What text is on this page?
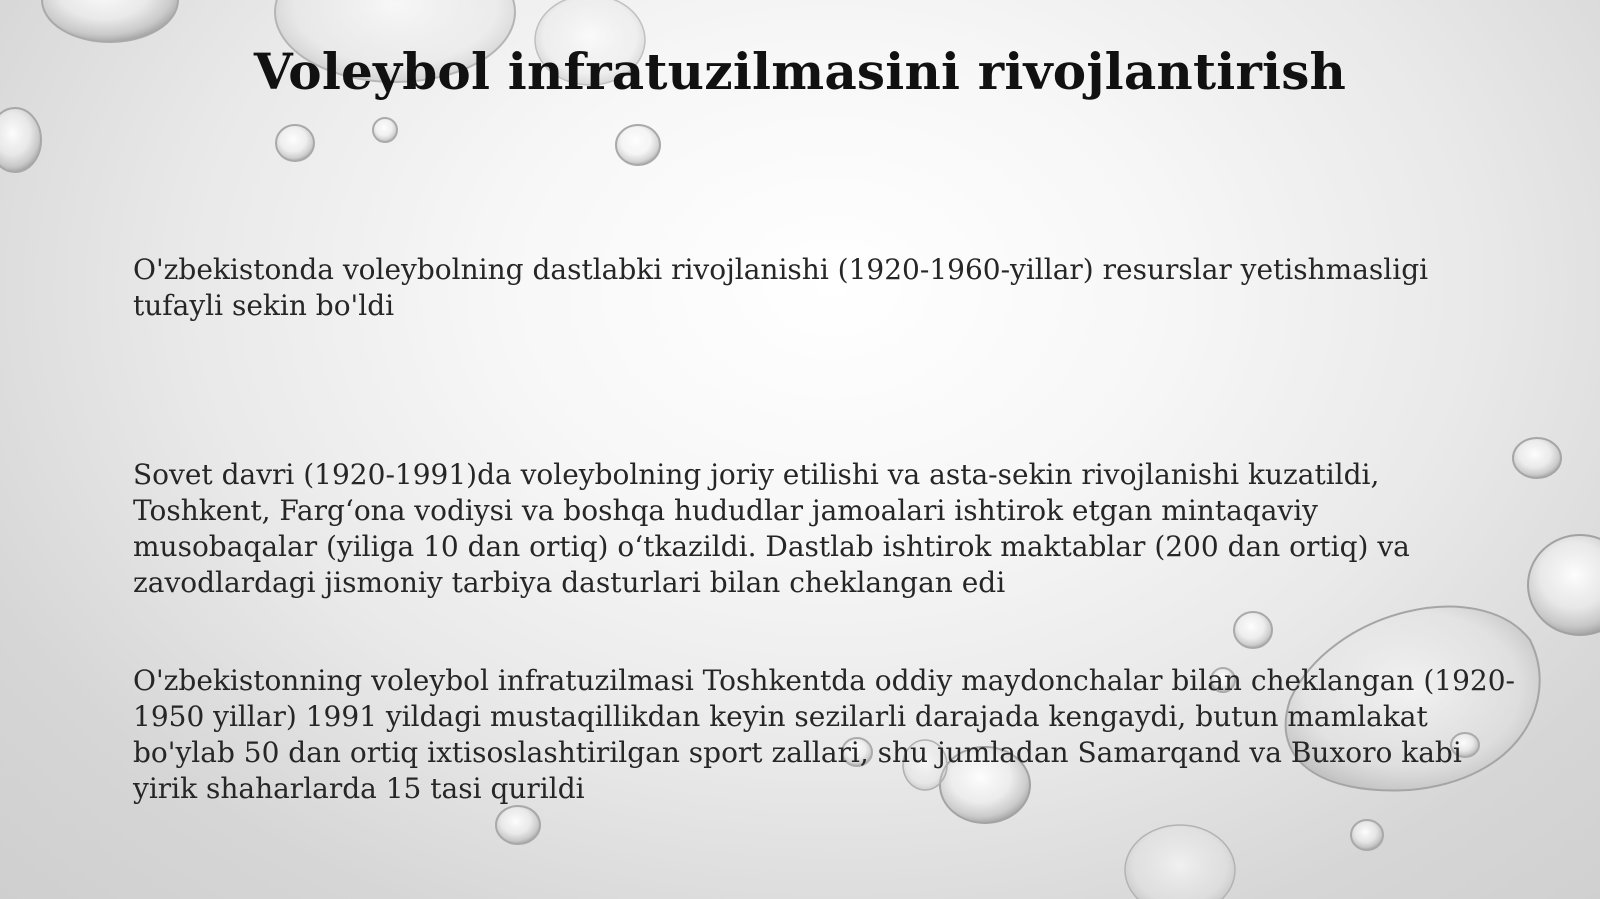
Voleybol infratuzilmasini rivojlantirish
O'zbekistonda voleybolning dastlabki rivojlanishi (1920-1960-yillar) resurslar yetishmasligi
tufayli sekin bo'ldi
Sovet davri (1920-1991)da voleybolning joriy etilishi va asta-sekin rivojlanishi kuzatildi,
Toshkent, Farg‘ona vodiysi va boshqa hududlar jamoalari ishtirok etgan mintaqaviy
musobaqalar (yiliga 10 dan ortiq) o‘tkazildi. Dastlab ishtirok maktablar (200 dan ortiq) va
zavodlardagi jismoniy tarbiya dasturlari bilan cheklangan edi
O'zbekistonning voleybol infratuzilmasi Toshkentda oddiy maydonchalar bilan cheklangan (1920-
1950 yillar) 1991 yildagi mustaqillikdan keyin sezilarli darajada kengaydi, butun mamlakat
bo'ylab 50 dan ortiq ixtisoslashtirilgan sport zallari, shu jumladan Samarqand va Buxoro kabi
yirik shaharlarda 15 tasi qurildi
